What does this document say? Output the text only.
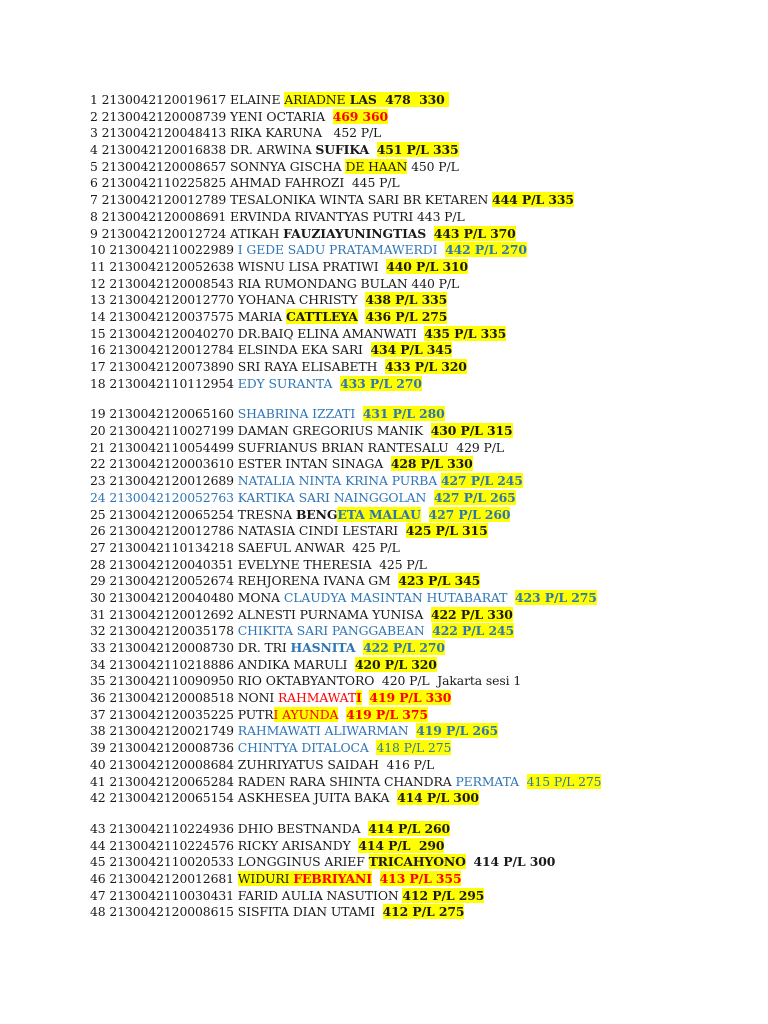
1 2130042120019617 ELAINE ARIADNE LAS  478  330
2 2130042120008739 YENI OCTARIA  469 360
3 2130042120048413 RIKA KARUNA   452 P/L
4 2130042120016838 DR. ARWINA SUFIKA 451 P/L 335
5 2130042120008657 SONNYA GISCHA DE HAAN 450 P/L
6 2130042110225825 AHMAD FAHROZI  445 P/L
7 2130042120012789 TESALONIKA WINTA SARI BR KETAREN 444 P/L 335
8 2130042120008691 ERVINDA RIVANTYAS PUTRI 443 P/L
9 2130042120012724 ATIKAH FAUZIAYUNINGTIAS 443 P/L 370
10 2130042110022989 I GEDE SADU PRATAMAWERDI 442 P/L 270
11 2130042120052638 WISNU LISA PRATIWI  440 P/L 310
12 2130042120008543 RIA RUMONDANG BULAN 440 P/L
13 2130042120012770 YOHANA CHRISTY  438 P/L 335
14 2130042120037575 MARIA CATTLEYA 436 P/L 275
15 2130042120040270 DR.BAIQ ELINA AMANWATI  435 P/L 335
16 2130042120012784 ELSINDA EKA SARI  434 P/L 345
17 2130042120073890 SRI RAYA ELISABETH  433 P/L 320
18 2130042110112954 EDY SURANTA 433 P/L 270
19 2130042120065160 SHABRINA IZZATI 431 P/L 280
20 2130042110027199 DAMAN GREGORIUS MANIK  430 P/L 315
21 2130042110054499 SUFRIANUS BRIAN RANTESALU  429 P/L
22 2130042120003610 ESTER INTAN SINAGA  428 P/L 330
23 2130042120012689 NATALIA NINTA KRINA PURBA 427 P/L 245
24 2130042120052763 KARTIKA SARI NAINGGOLAN  427 P/L 265
25 2130042120065254 TRESNA BENGETA MALAU 427 P/L 260
26 2130042120012786 NATASIA CINDI LESTARI  425 P/L 315
27 2130042110134218 SAEFUL ANWAR  425 P/L
28 2130042120040351 EVELYNE THERESIA  425 P/L
29 2130042120052674 REHJORENA IVANA GM  423 P/L 345
30 2130042120040480 MONA CLAUDYA MASINTAN HUTABARAT 423 P/L 275
31 2130042120012692 ALNESTI PURNAMA YUNISA  422 P/L 330
32 2130042120035178 CHIKITA SARI PANGGABEAN 422 P/L 245
33 2130042120008730 DR. TRI HASNITA 422 P/L 270
34 2130042110218886 ANDIKA MARULI  420 P/L 320
35 2130042110090950 RIO OKTABYANTORO  420 P/L  Jakarta sesi 1
36 2130042120008518 NONI RAHMAWATI 419 P/L 330
37 2130042120035225 PUTRI AYUNDA 419 P/L 375
38 2130042120021749 RAHMAWATI ALIWARMAN 419 P/L 265
39 2130042120008736 CHINTYA DITALOCA 418 P/L 275
40 2130042120008684 ZUHRIYATUS SAIDAH  416 P/L
41 2130042120065284 RADEN RARA SHINTA CHANDRA PERMATA 415 P/L 275
42 2130042120065154 ASKHESEA JUITA BAKA  414 P/L 300
43 2130042110224936 DHIO BESTNANDA  414 P/L 260
44 2130042110224576 RICKY ARISANDY  414 P/L  290
45 2130042110020533 LONGGINUS ARIEF TRICAHYONO 414 P/L 300
46 2130042120012681 WIDURI FEBRIYANI 413 P/L 355
47 2130042110030431 FARID AULIA NASUTION 412 P/L 295
48 2130042120008615 SISFITA DIAN UTAMI  412 P/L 275
